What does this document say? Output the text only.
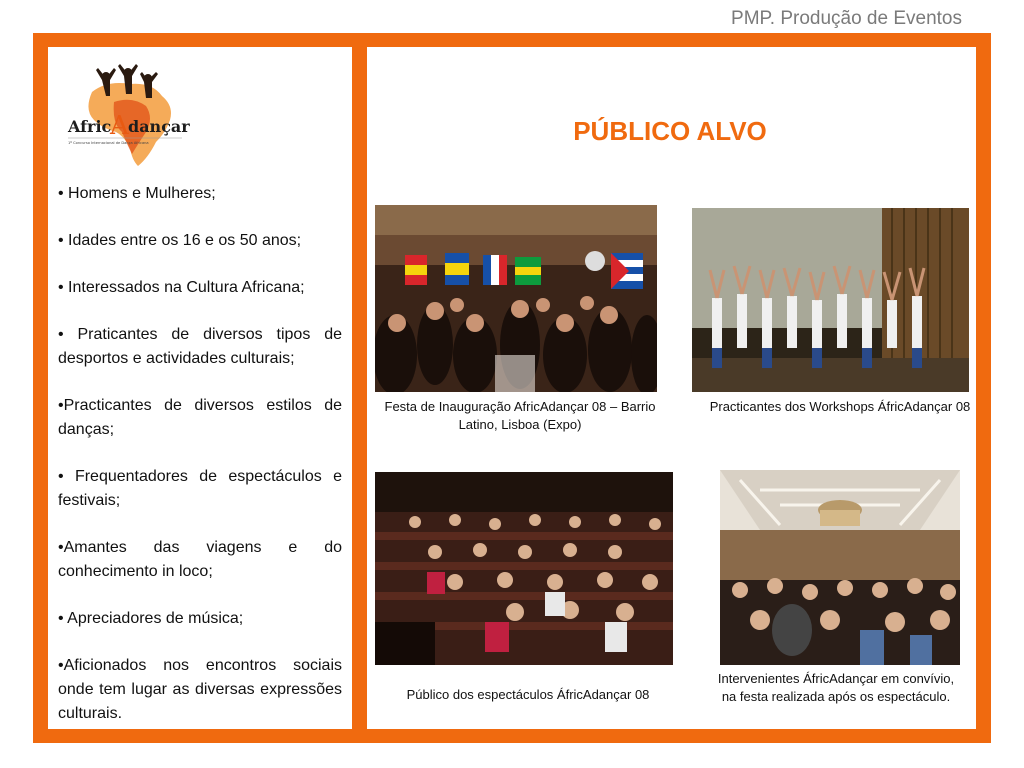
PMP. Produção de Eventos
Afric
A dançar
1º Concurso Internacional de Dança Africana

• Homens e Mulheres;

• Idades entre os 16 e os 50 anos;

• Interessados na Cultura Africana;

• Praticantes de diversos tipos de desportos e actividades culturais;

•Practicantes de diversos estilos de danças;

• Frequentadores de espectáculos e festivais;

•Amantes das viagens e do conhecimento in loco;

• Apreciadores de música;

•Aficionados nos encontros sociais onde tem lugar as diversas expressões culturais.

PÚBLICO ALVO
Festa de Inauguração AfricAdançar 08 – Barrio Latino, Lisboa (Expo)
Practicantes dos Workshops ÁfricAdançar 08
Público dos espectáculos ÁfricAdançar 08
Intervenientes ÁfricAdançar em convívio, na festa realizada após os espectáculo.
